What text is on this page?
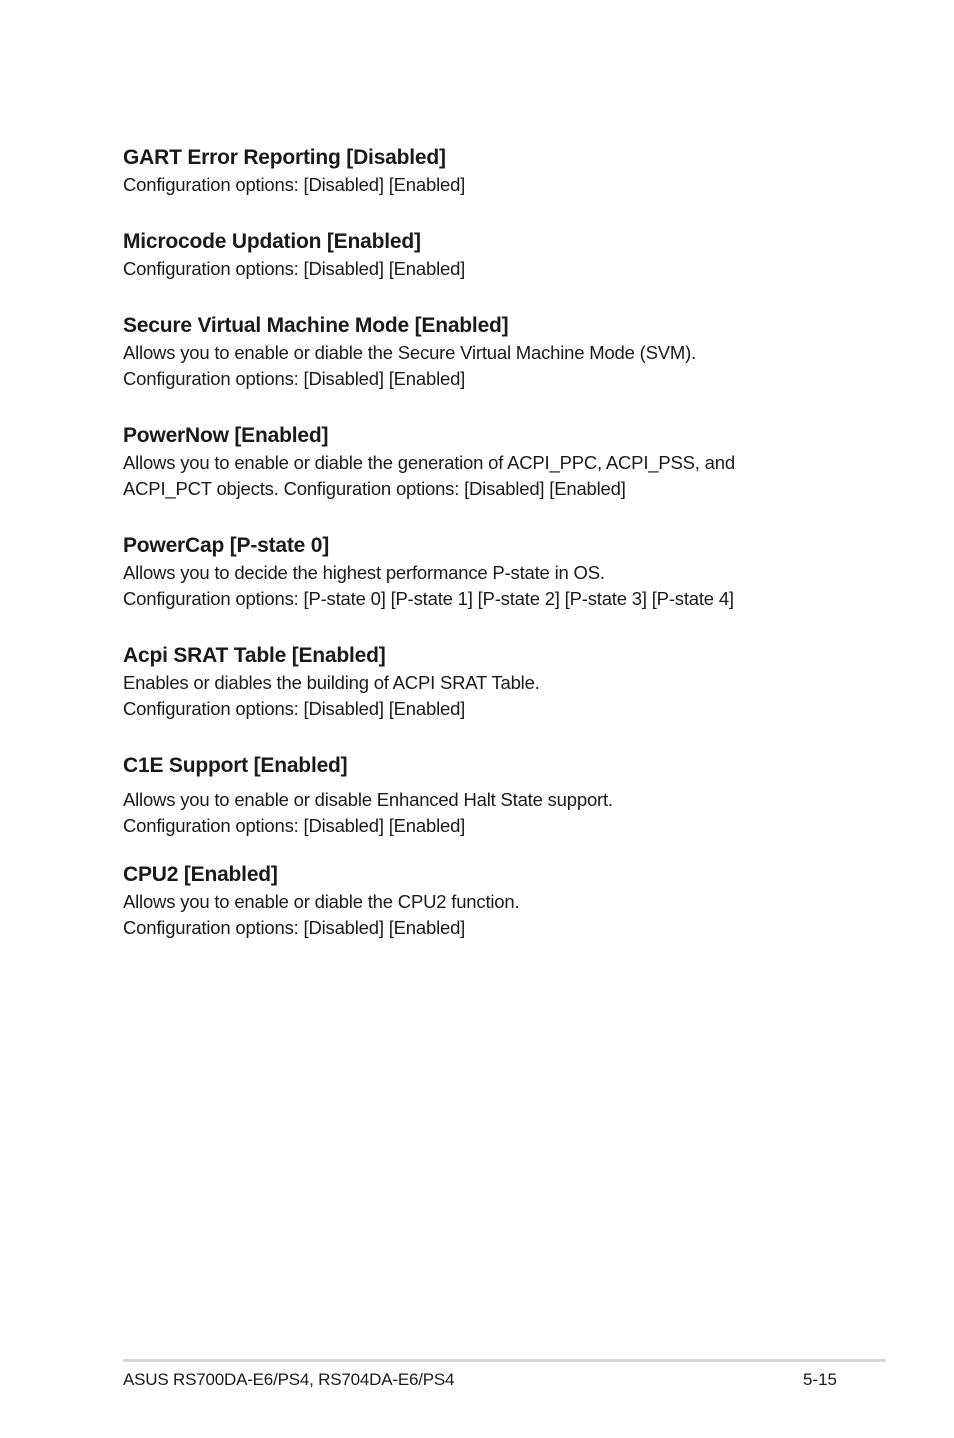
GART Error Reporting [Disabled]

Configuration options: [Disabled] [Enabled]

Microcode Updation [Enabled]

Configuration options: [Disabled] [Enabled]

Secure Virtual Machine Mode [Enabled]

Allows you to enable or diable the Secure Virtual Machine Mode (SVM).

Configuration options: [Disabled] [Enabled]

PowerNow [Enabled]

Allows you to enable or diable the generation of ACPI_PPC, ACPI_PSS, and

ACPI_PCT objects. Configuration options: [Disabled] [Enabled]

PowerCap [P-state 0]

Allows you to decide the highest performance P-state in OS.

Configuration options: [P-state 0] [P-state 1] [P-state 2] [P-state 3] [P-state 4]

Acpi SRAT Table [Enabled]

Enables or diables the building of ACPI SRAT Table.

Configuration options: [Disabled] [Enabled]

C1E Support [Enabled]

Allows you to enable or disable Enhanced Halt State support.

Configuration options: [Disabled] [Enabled]

CPU2 [Enabled]

Allows you to enable or diable the CPU2 function.

Configuration options: [Disabled] [Enabled]

ASUS RS700DA-E6/PS4, RS704DA-E6/PS4	5-15
